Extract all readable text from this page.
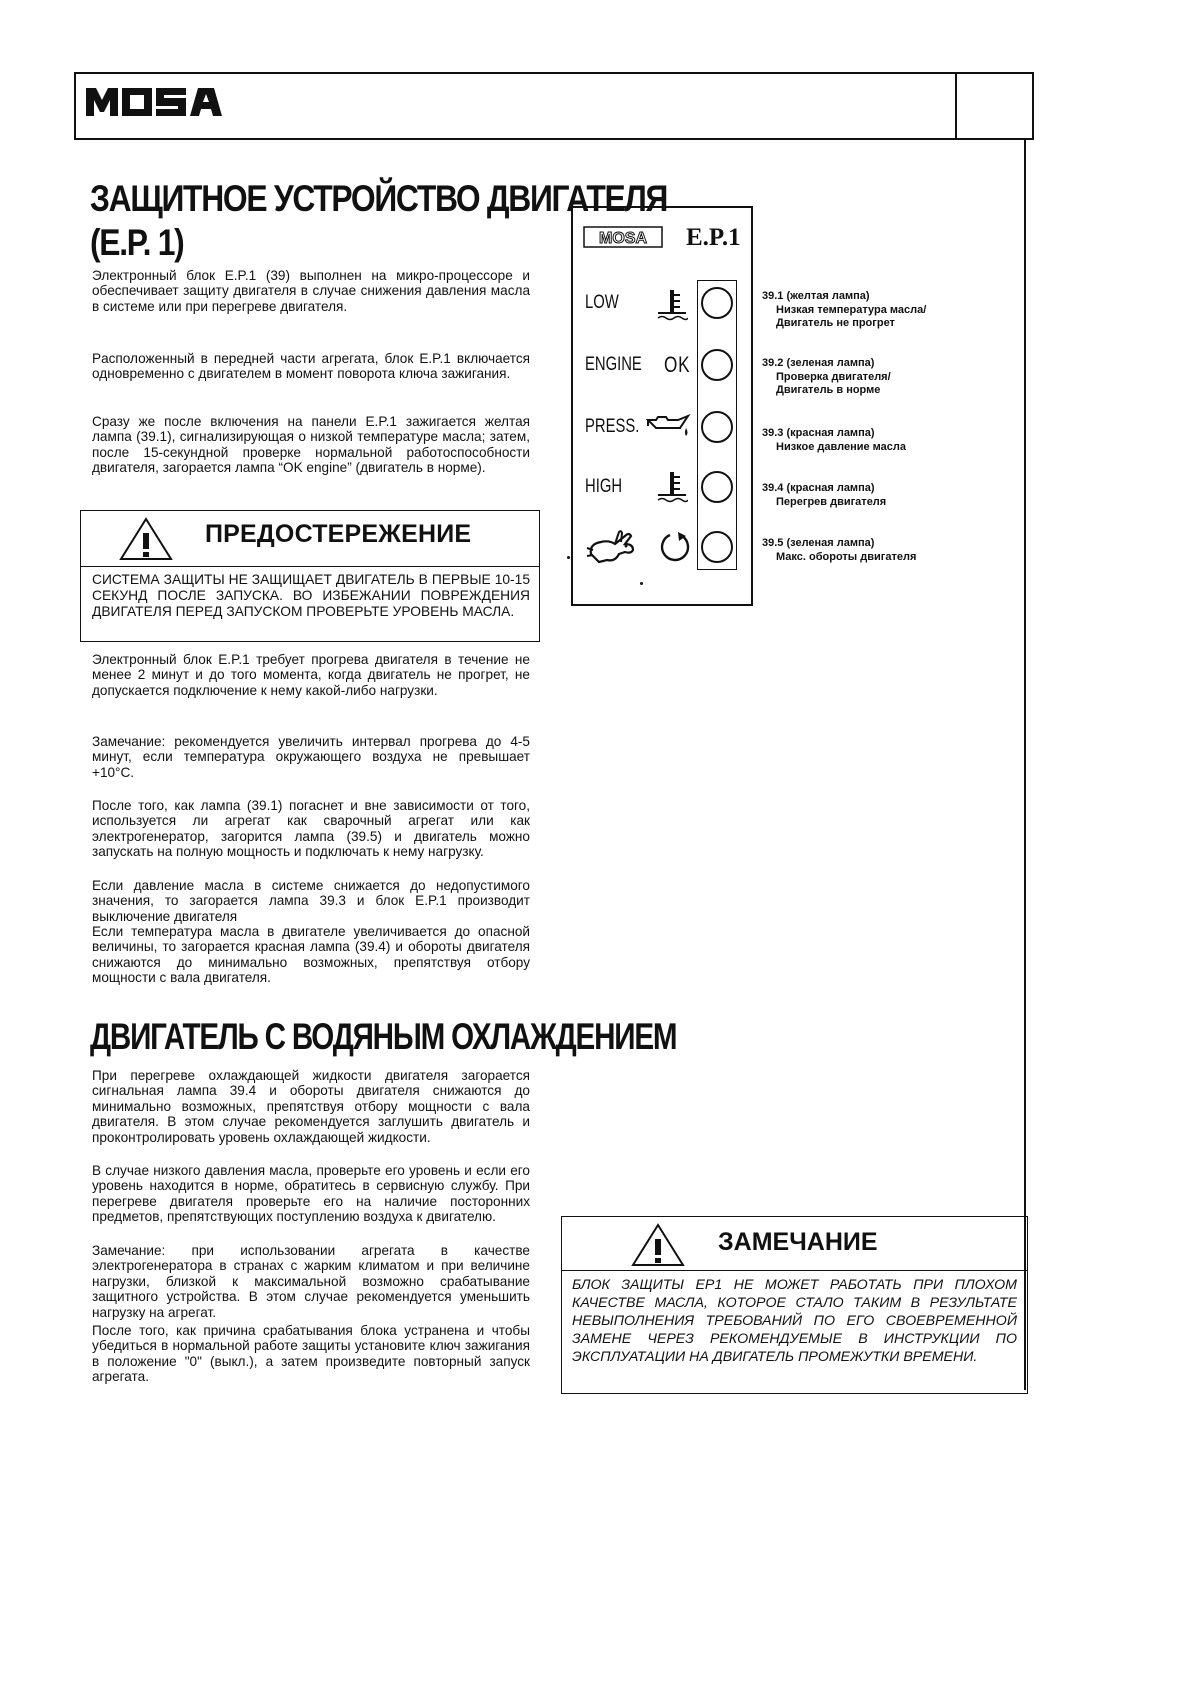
MOSA
ЗАЩИТНОЕ УСТРОЙСТВО ДВИГАТЕЛЯ
(E.P. 1)

Электронный блок E.P.1 (39) выполнен на микро-процессоре и обеспечивает защиту двигателя в случае снижения давления масла в системе или при перегреве двигателя.

Pасположенный в передней части агрегата, блок E.P.1 включается одновременно с двигателем в момент поворота ключа зажигания.

Сразу же после включения на панели E.P.1 зажигается желтая лампа (39.1), сигнализирующая о низкой температуре масла; затем, после 15-секундной проверке нормальной работоспособности двигателя, загорается лампа “OK engine” (двигатель в норме).

ПРЕДОСТЕРЕЖЕНИЕ

СИСТЕМА ЗАЩИТЫ НЕ ЗАЩИЩАЕТ ДВИГАТЕЛЬ В ПЕРВЫЕ 10-15 СЕКУНД ПОСЛЕ ЗАПУСКА. ВО ИЗБЕЖАНИИ ПОВРЕЖДЕНИЯ ДВИГАТЕЛЯ ПЕРЕД ЗАПУСКОМ ПРОВЕРЬТЕ УРОВЕНЬ МАСЛА.

Электронный блок E.P.1 требует прогрева двигателя в течение не менее 2 минут и до того момента, когда двигатель не прогрет, не допускается подключение к нему какой-либо нагрузки.

Замечание: рекомендуется увеличить интервал прогрева до 4-5 минут, если температура окружающего воздуха не превышает +10°С.

После того, как лампа (39.1) погаснет и вне зависимости от того, используется ли агрегат как сварочный агрегат или как электрогенератор, загорится лампа (39.5) и двигатель можно запускать на полную мощность и подключать к нему нагрузку.

Если давление масла в системе снижается до недопустимого значения, то загорается лампа 39.3 и блок E.P.1 производит выключение двигателя

Если температура масла в двигателе увеличивается до опасной величины, то загорается красная лампа (39.4) и обороты двигателя снижаются до минимально возможных, препятствуя отбору мощности с вала двигателя.

MOSA E.P.1
LOW
ENGINE OK
PRESS.
HIGH

39.1 (желтая лампа)
Низкая температура масла/
Двигатель не прогрет

39.2 (зеленая лампа)
Проверка двигателя/
Двигатель в норме

39.3 (красная лампа)
Низкое давление масла

39.4 (красная лампа)
Перегрев двигателя

39.5 (зеленая лампа)
Макс. обороты двигателя

ДВИГАТЕЛЬ С ВОДЯНЫМ ОХЛАЖДЕНИЕМ

При перегреве охлаждающей жидкости двигателя загорается сигнальная лампа 39.4 и обороты двигателя снижаются до минимально возможных, препятствуя отбору мощности с вала двигателя. В этом случае рекомендуется заглушить двигатель и проконтролировать уровень охлаждающей жидкости.

В случае низкого давления масла, проверьте его уровень и если его уровень находится в норме, обратитесь в сервисную службу. При перегреве двигателя проверьте его на наличие посторонних предметов, препятствующих поступлению воздуха к двигателю.

Замечание: при использовании агрегата в качестве электрогенератора в странах с жарким климатом и при величине нагрузки, близкой к максимальной возможно срабатывание защитного устройства. В этом случае рекомендуется уменьшить нагрузку на агрегат.

После того, как причина срабатывания блока устранена и чтобы убедиться в нормальной работе защиты установите ключ зажигания в положение "0" (выкл.), а затем произведите повторный запуск агрегата.

ЗАМЕЧАНИЕ

БЛОК ЗАЩИТЫ EP1 НЕ МОЖЕТ РАБОТАТЬ ПРИ ПЛОХОМ КАЧЕСТВЕ МАСЛА, КОТОРОЕ СТАЛО ТАКИМ В РЕЗУЛЬТАТЕ НЕВЫПОЛНЕНИЯ ТРЕБОВАНИЙ ПО ЕГО СВОЕВРЕМЕННОЙ ЗАМЕНЕ ЧЕРЕЗ РЕКОМЕНДУЕМЫЕ В ИНСТРУКЦИИ ПО ЭКСПЛУАТАЦИИ НА ДВИГАТЕЛЬ ПРОМЕЖУТКИ ВРЕМЕНИ.
